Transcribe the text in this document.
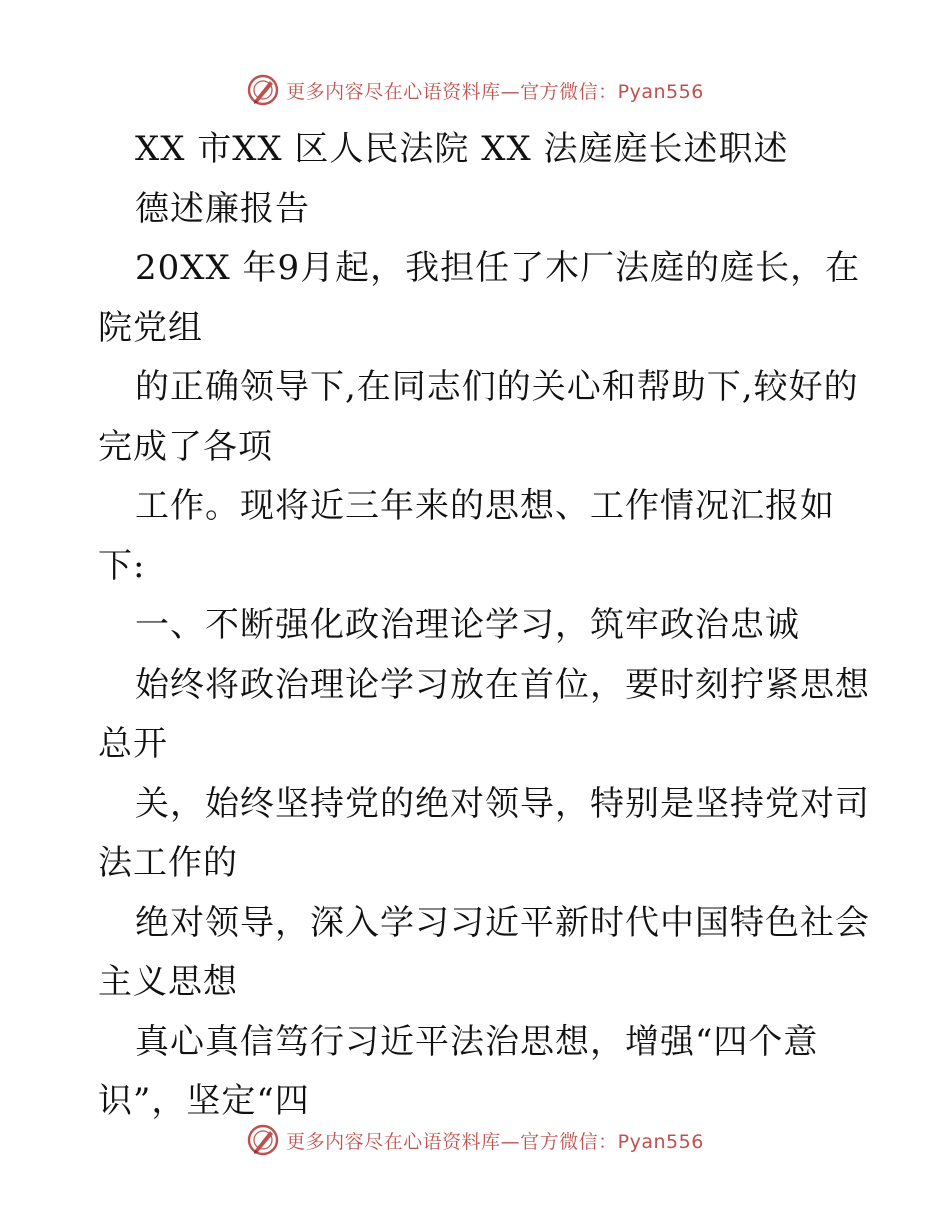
更多内容尽在心语资料库—官方微信：Pyan556
XX 市XX 区人民法院 XX 法庭庭长述职述
德述廉报告
20XX 年9月起，我担任了木厂法庭的庭长，在
院党组
的正确领导下,在同志们的关心和帮助下,较好的
完成了各项
工作。现将近三年来的思想、工作情况汇报如
下:
一、不断强化政治理论学习，筑牢政治忠诚
始终将政治理论学习放在首位，要时刻拧紧思想
总开
关，始终坚持党的绝对领导，特别是坚持党对司
法工作的
绝对领导，深入学习习近平新时代中国特色社会
主义思想
真心真信笃行习近平法治思想，增强“四个意
识”，坚定“四
更多内容尽在心语资料库—官方微信：Pyan556
